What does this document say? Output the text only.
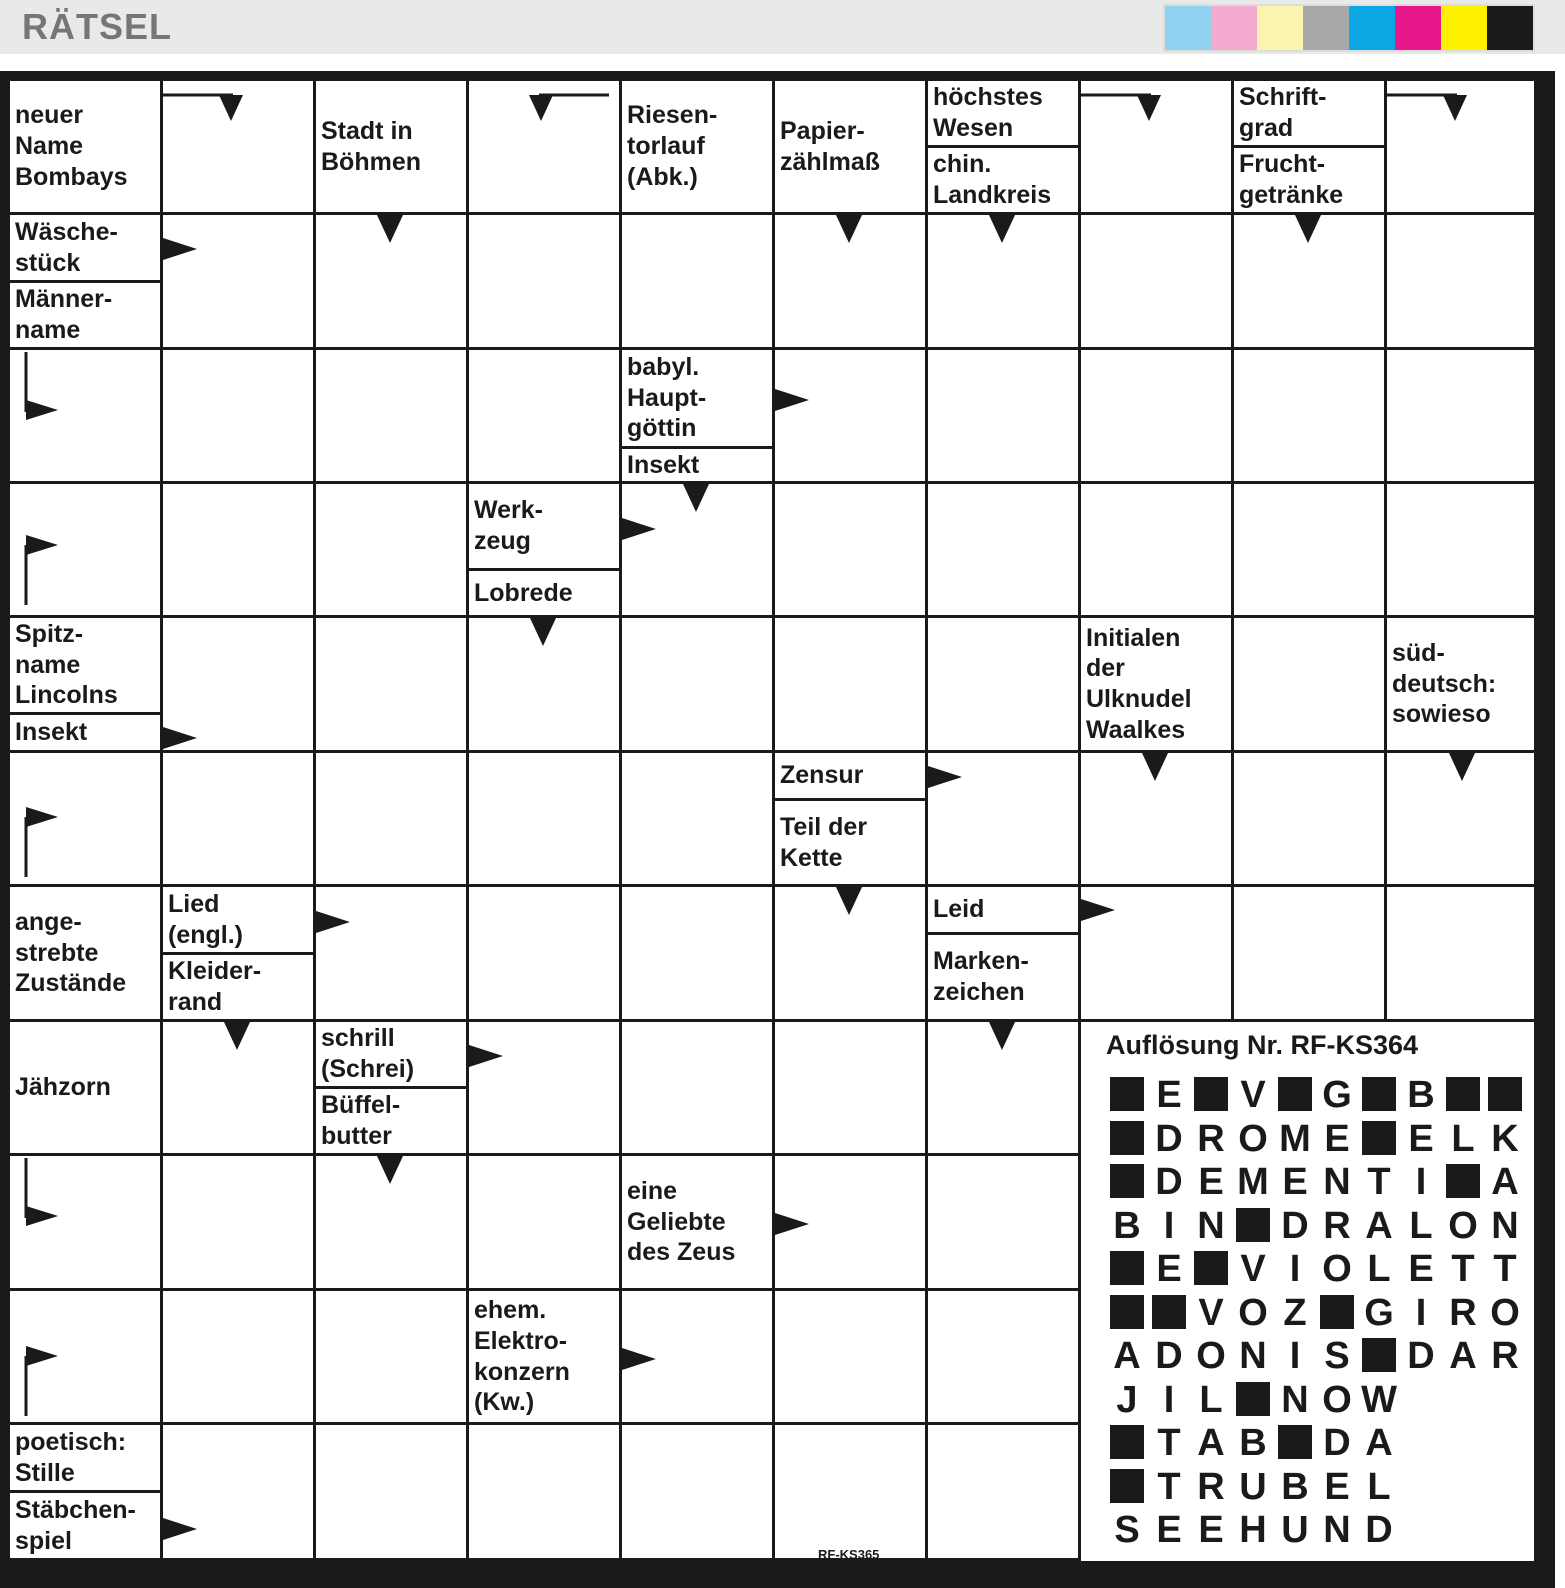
RÄTSEL
neuer
Name
Bombays
Stadt in
Böhmen
Riesen-
torlauf
(Abk.)
Papier-
zählmaß
höchstes
Wesen
chin.
Landkreis
Schrift-
grad
Frucht-
getränke
Wäsche-
stück
Männer-
name
babyl.
Haupt-
göttin
Insekt
Werk-
zeug
Lobrede
Spitz-
name
Lincolns
Insekt
Initialen
der
Ulknudel
Waalkes
süd-
deutsch:
sowieso
Zensur
Teil der
Kette
ange-
strebte
Zustände
Lied
(engl.)
Kleider-
rand
Leid
Marken-
zeichen
Jähzorn
schrill
(Schrei)
Büffel-
butter
eine
Geliebte
des Zeus
ehem.
Elektro-
konzern
(Kw.)
poetisch:
Stille
Stäbchen-
spiel
Auflösung Nr. RF-KS364
E V G B
D R O M E E L K
D E M E N T I	A
B I N D R A L O N
E V I O L E T T
V O Z G I R O
A D O N I S D A R
J I L N O W
T A B D A
T R U B E L
S E E H U N D
RF-KS365
